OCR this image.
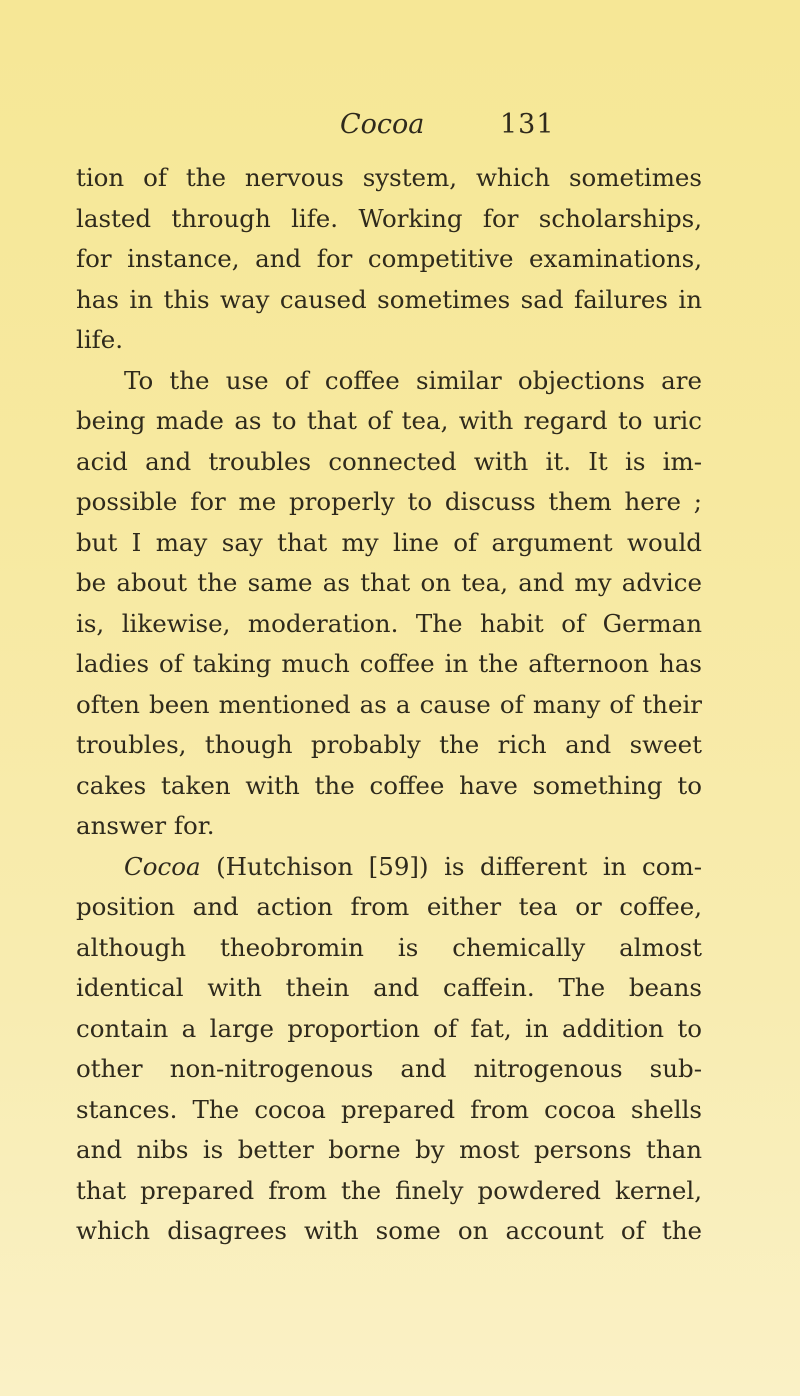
Cocoa	131
tion of the nervous system, which sometimes
lasted through life. Working for scholarships,
for instance, and for competitive examinations,
has in this way caused sometimes sad failures in
life.
To the use of coffee similar objections are
being made as to that of tea, with regard to uric
acid and troubles connected with it. It is im-
possible for me properly to discuss them here ;
but I may say that my line of argument would
be about the same as that on tea, and my advice
is, likewise, moderation. The habit of German
ladies of taking much coffee in the afternoon has
often been mentioned as a cause of many of their
troubles, though probably the rich and sweet
cakes taken with the coffee have something to
answer for.
Cocoa (Hutchison [59]) is different in com-
position and action from either tea or coffee,
although theobromin is chemically almost
identical with thein and caffein. The beans
contain a large proportion of fat, in addition to
other non-nitrogenous and nitrogenous sub-
stances. The cocoa prepared from cocoa shells
and nibs is better borne by most persons than
that prepared from the finely powdered kernel,
which disagrees with some on account of the
